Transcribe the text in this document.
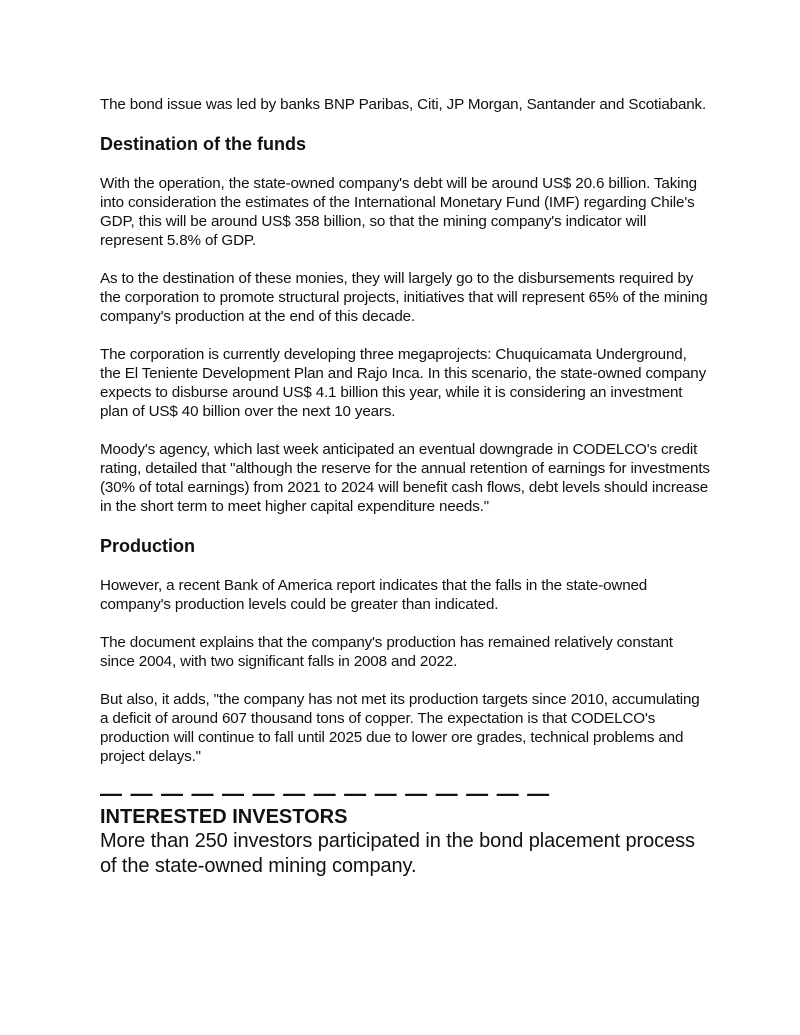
The bond issue was led by banks BNP Paribas, Citi, JP Morgan, Santander and Scotiabank.

Destination of the funds

With the operation, the state-owned company's debt will be around US$ 20.6 billion. Taking into consideration the estimates of the International Monetary Fund (IMF) regarding Chile's GDP, this will be around US$ 358 billion, so that the mining company's indicator will represent 5.8% of GDP.

As to the destination of these monies, they will largely go to the disbursements required by the corporation to promote structural projects, initiatives that will represent 65% of the mining company's production at the end of this decade.

The corporation is currently developing three megaprojects: Chuquicamata Underground, the El Teniente Development Plan and Rajo Inca. In this scenario, the state-owned company expects to disburse around US$ 4.1 billion this year, while it is considering an investment plan of US$ 40 billion over the next 10 years.

Moody's agency, which last week anticipated an eventual downgrade in CODELCO's credit rating, detailed that "although the reserve for the annual retention of earnings for investments (30% of total earnings) from 2021 to 2024 will benefit cash flows, debt levels should increase in the short term to meet higher capital expenditure needs."

Production

However, a recent Bank of America report indicates that the falls in the state-owned company's production levels could be greater than indicated.

The document explains that the company's production has remained relatively constant since 2004, with two significant falls in 2008 and 2022.

But also, it adds, "the company has not met its production targets since 2010, accumulating a deficit of around 607 thousand tons of copper. The expectation is that CODELCO's production will continue to fall until 2025 due to lower ore grades, technical problems and project delays."

— — — — — — — — — — — — — — —
INTERESTED INVESTORS

More than 250 investors participated in the bond placement process of the state-owned mining company.
